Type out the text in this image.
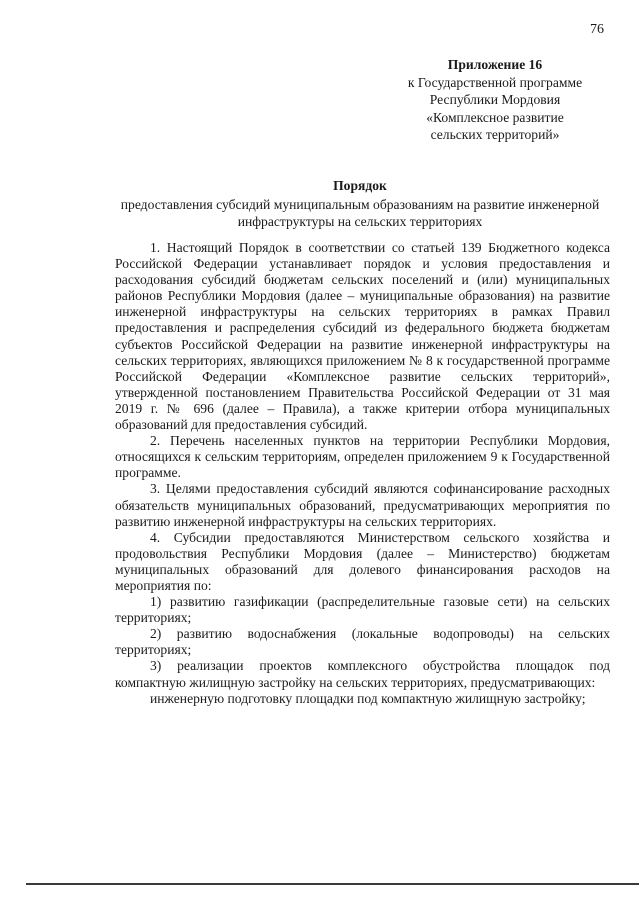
76
Приложение 16
к Государственной программе
Республики Мордовия
«Комплексное развитие
сельских территорий»
Порядок
предоставления субсидий муниципальным образованиям на развитие инженерной инфраструктуры на сельских территориях

1. Настоящий Порядок в соответствии со статьей 139 Бюджетного кодекса Российской Федерации устанавливает порядок и условия предоставления и расходования субсидий бюджетам сельских поселений и (или) муниципальных районов Республики Мордовия (далее – муниципальные образования) на развитие инженерной инфраструктуры на сельских территориях в рамках Правил предоставления и распределения субсидий из федерального бюджета бюджетам субъектов Российской Федерации на развитие инженерной инфраструктуры на сельских территориях, являющихся приложением № 8 к государственной программе Российской Федерации «Комплексное развитие сельских территорий», утвержденной постановлением Правительства Российской Федерации от 31 мая 2019 г. № 696 (далее – Правила), а также критерии отбора муниципальных образований для предоставления субсидий.

2. Перечень населенных пунктов на территории Республики Мордовия, относящихся к сельским территориям, определен приложением 9 к Государственной программе.

3. Целями предоставления субсидий являются софинансирование расходных обязательств муниципальных образований, предусматривающих мероприятия по развитию инженерной инфраструктуры на сельских территориях.

4. Субсидии предоставляются Министерством сельского хозяйства и продовольствия Республики Мордовия (далее – Министерство) бюджетам муниципальных образований для долевого финансирования расходов на мероприятия по:

1) развитию газификации (распределительные газовые сети) на сельских территориях;

2) развитию водоснабжения (локальные водопроводы) на сельских территориях;

3) реализации проектов комплексного обустройства площадок под компактную жилищную застройку на сельских территориях, предусматривающих:

инженерную подготовку площадки под компактную жилищную застройку;
